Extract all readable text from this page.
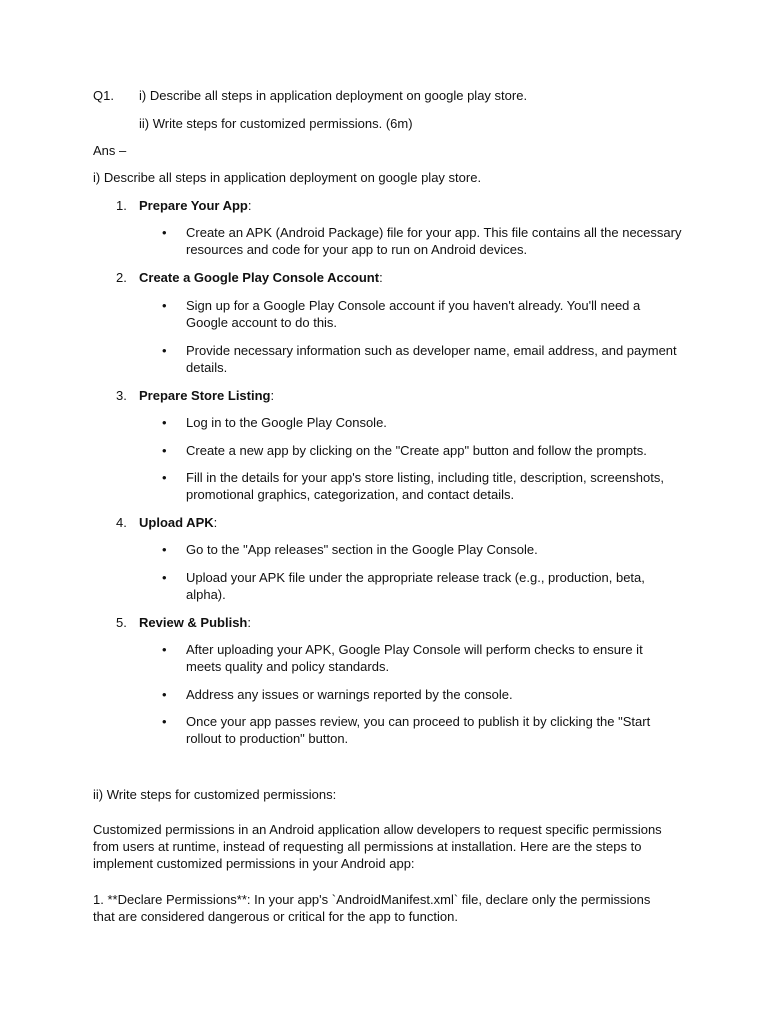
Q1. i) Describe all steps in application deployment on google play store.
ii) Write steps for customized permissions. (6m)
Ans –
i) Describe all steps in application deployment on google play store.
1. Prepare Your App:
• Create an APK (Android Package) file for your app. This file contains all the necessary
resources and code for your app to run on Android devices.
2. Create a Google Play Console Account:
• Sign up for a Google Play Console account if you haven't already. You'll need a
Google account to do this.
• Provide necessary information such as developer name, email address, and payment
details.
3. Prepare Store Listing:
• Log in to the Google Play Console.
• Create a new app by clicking on the "Create app" button and follow the prompts.
• Fill in the details for your app's store listing, including title, description, screenshots,
promotional graphics, categorization, and contact details.
4. Upload APK:
• Go to the "App releases" section in the Google Play Console.
• Upload your APK file under the appropriate release track (e.g., production, beta,
alpha).
5. Review & Publish:
• After uploading your APK, Google Play Console will perform checks to ensure it
meets quality and policy standards.
• Address any issues or warnings reported by the console.
• Once your app passes review, you can proceed to publish it by clicking the "Start
rollout to production" button.
ii) Write steps for customized permissions:
Customized permissions in an Android application allow developers to request specific permissions
from users at runtime, instead of requesting all permissions at installation. Here are the steps to
implement customized permissions in your Android app:
1. **Declare Permissions**: In your app's `AndroidManifest.xml` file, declare only the permissions
that are considered dangerous or critical for the app to function.
